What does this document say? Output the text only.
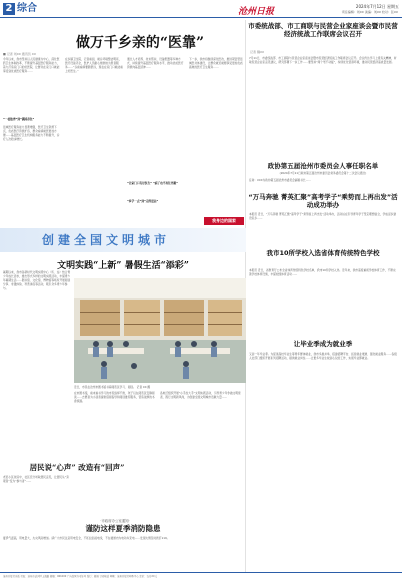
2 综合	沧州日报
2024年7月12日 星期五
责任编辑：刘XX 美编：刘XX 校对：张XX
做万千乡亲的“医靠”
■ 记者 刘XX 通讯员 XX
今年以来，我市坚持以人民健康为中心，深化医药卫生体制改革，不断提升基层医疗服务能力，着力打造家门口的好医院，让群众在家门口就能享受到优质医疗服务……
“一枝独秀”到“满园春色”
县域医疗服务能力显著增强，医疗卫生资源下沉，优质医疗资源扩容，群众看病就医更加方便……基层医疗卫生机构服务能力不断提升，诊疗人次稳步增长。
在乡镇卫生院，记者看到，就诊环境整洁明亮，医疗设备齐全，医护人员耐心细致地为患者服务……“以前看病要跑很远，现在在家门口就能看上好医生。”
通过人才培养、技术帮扶、设备配置等多种方式，持续提升基层医疗服务水平，推动优质医疗资源向基层延伸……
“让家门口有好医生” “病了也不再往外跑”
“多学一点”到“走得更远”
下一步，我市将继续深化医改，推进紧密型县域医共体建设，让群众就近就便享受更加优质高效的医疗卫生服务……
市委统战部、市工商联与民营企业家座谈会暨市民营经济统战工作联席会议召开
记者 魏XX
7月11日，市委统战部、市工商联与民营企业家座谈会暨市民营经济统战工作联席会议召开。会议传达学习上级有关精神，听取民营企业家意见建议，研究部署下一步工作……要坚持“两个毫不动摇”，持续优化营商环境，推动民营经济高质量发展。
政协第五届沧州市委员会人事任职名单
(2024年7月11日政协第五届沧州市委员会常务委员会第十二次会议通过)
任命：XXX为政协第五届沧州市委员会副秘书长……
“万马奔驰 菁英汇聚”高考学子“乘势而上再出发”活动成功举办
本报讯 近日，“万马奔驰 菁英汇聚”高考学子“乘势而上再出发”活动举办，活动旨在引导青年学子坚定理想信念，学成返乡建设家乡……
我市10所学校入选省体育传统特色学校
本报讯 近日，省教育厅公布全省体育传统特色学校名单，我市10所学校入选。近年来，我市高度重视学校体育工作，不断完善学校体育设施，丰富校园体育活动……
让毕业季成为就业季
又到一年毕业季。为促进高校毕业生等青年群体就业，我市多措并举，搭建招聘平台、拓宽就业渠道、强化就业服务……各级人社部门组织开展系列招聘活动，提供就业岗位……让更多毕业生找到心仪的工作，实现毕业即就业。
我身边的国家
创建全国文明城市
文明实践“上新” 暑假生活“添彩”
暑期以来，我市各新时代文明实践中心（所、站）结合青少年成长需求，推出形式多样的文明实践活动，丰富青少年暑期生活……图书馆、文化馆、博物馆等场所开展阅读分享、非遗体验、科普讲座等活动，吸引众多青少年参与。
近日，市民在沧州市图书馆书海阅览区学习、阅读。 记者 XX 摄
在市图书馆，前来看书学习的市民络绎不绝，孩子们在阅览区安静阅读……志愿者为小读者提供借阅指导和阅读推荐服务，营造浓厚的书香氛围。
各地还组织开展“小手拉大手”文明实践活动，引导青少年争做文明使者，践行文明新风尚，为创建全国文明城市贡献力量……
居民说“心声” 改造有“回声”
老旧小区改造中，社区充分听取居民意见，让居民从“旁观者”变为“参与者”……
·市政府办公室通知·
谨防这样夏季消防隐患
夏季气温高，用电量大，火灾风险增加。请广大市民注意用电安全，不私拉乱接电线，不在楼道内为电动车充电……发现火情及时拨打119。
沧州日报社出版 社址：沧州市运河区上海路 邮编：061000 广告经营许可证号 发行：邮局 订阅电话 印刷：沧州日报社印务中心 定价：每月XX元
